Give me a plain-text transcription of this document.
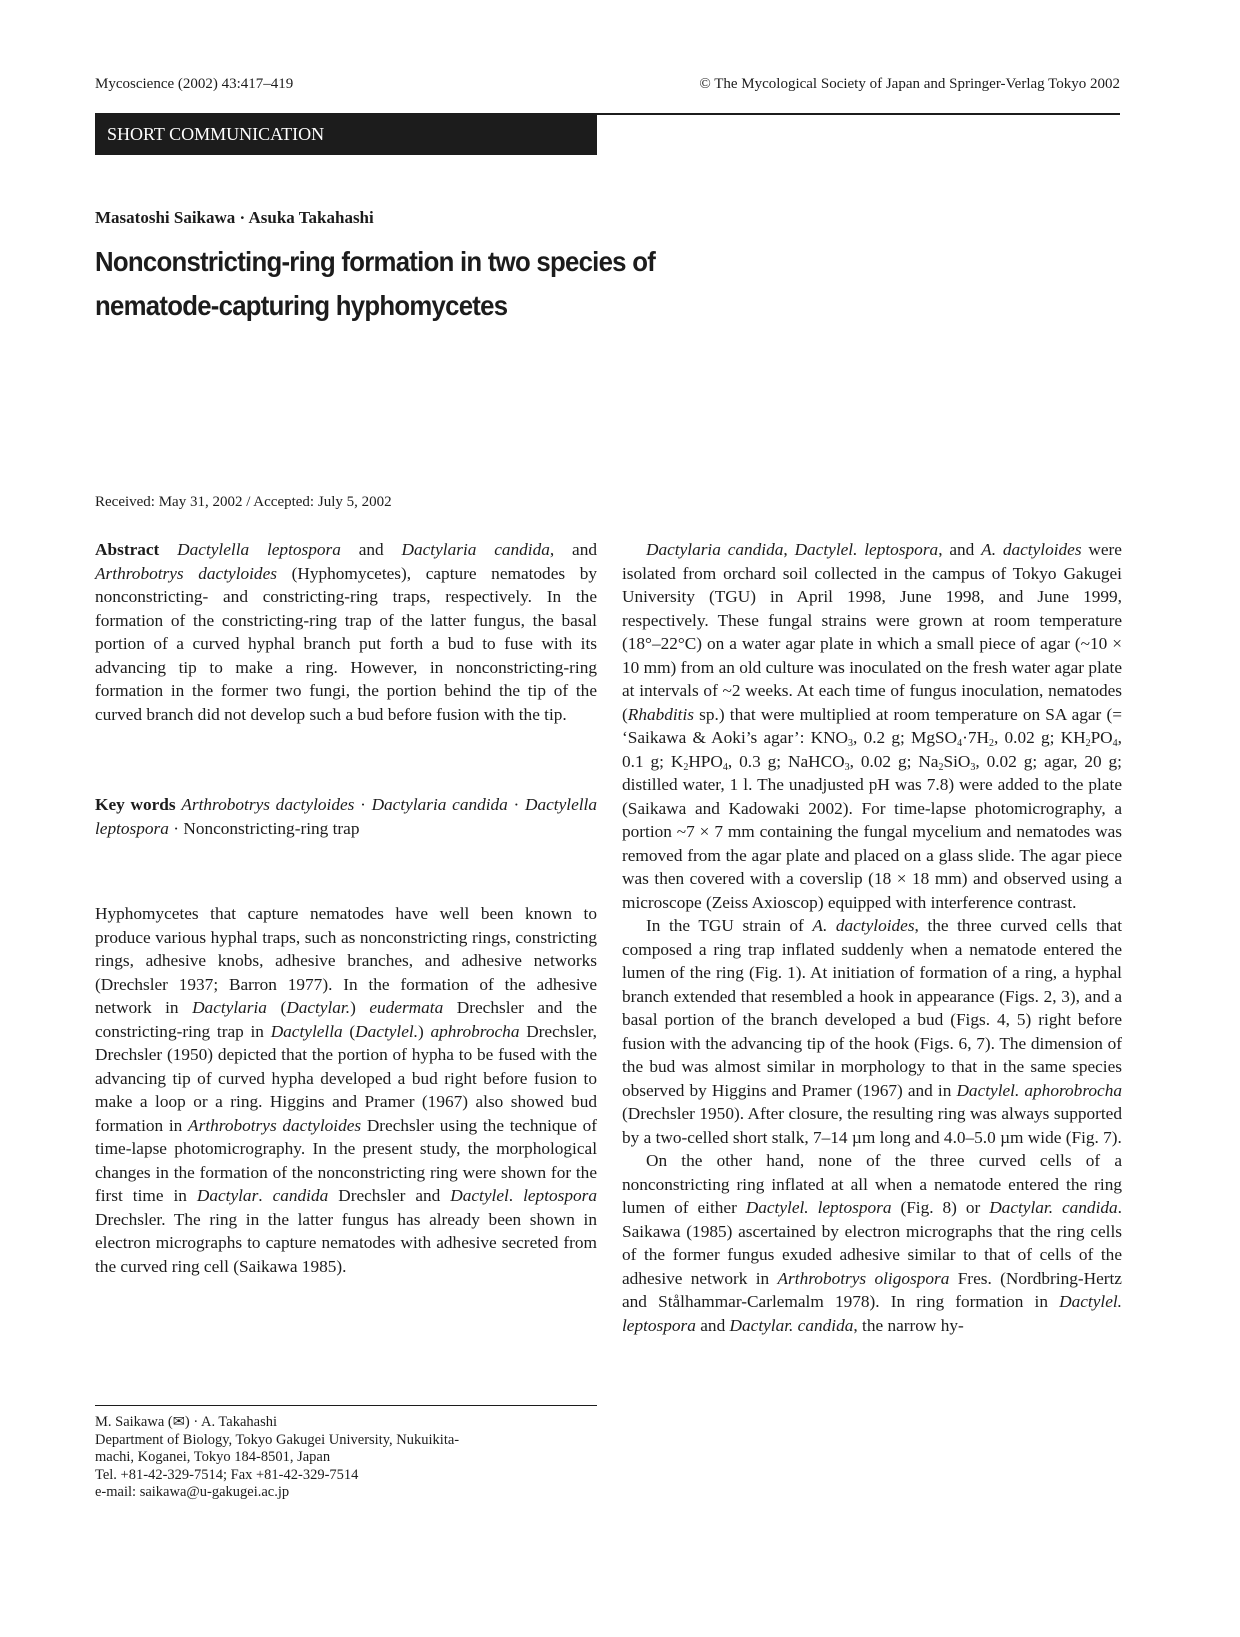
Mycoscience (2002) 43:417–419	© The Mycological Society of Japan and Springer-Verlag Tokyo 2002
SHORT COMMUNICATION
Masatoshi Saikawa · Asuka Takahashi
Nonconstricting-ring formation in two species of
nematode-capturing hyphomycetes
Received: May 31, 2002 / Accepted: July 5, 2002

Abstract Dactylella leptospora and Dactylaria candida, and Arthrobotrys dactyloides (Hyphomycetes), capture nematodes by nonconstricting- and constricting-ring traps, respectively. In the formation of the constricting-ring trap of the latter fungus, the basal portion of a curved hyphal branch put forth a bud to fuse with its advancing tip to make a ring. However, in nonconstricting-ring formation in the former two fungi, the portion behind the tip of the curved branch did not develop such a bud before fusion with the tip.

Key words Arthrobotrys dactyloides · Dactylaria candida · Dactylella leptospora · Nonconstricting-ring trap

Hyphomycetes that capture nematodes have well been known to produce various hyphal traps, such as nonconstricting rings, constricting rings, adhesive knobs, adhesive branches, and adhesive networks (Drechsler 1937; Barron 1977). In the formation of the adhesive network in Dactylaria (Dactylar.) eudermata Drechsler and the constricting-ring trap in Dactylella (Dactylel.) aphrobrocha Drechsler, Drechsler (1950) depicted that the portion of hypha to be fused with the advancing tip of curved hypha developed a bud right before fusion to make a loop or a ring. Higgins and Pramer (1967) also showed bud formation in Arthrobotrys dactyloides Drechsler using the technique of time-lapse photomicrography. In the present study, the morphological changes in the formation of the nonconstricting ring were shown for the first time in Dactylar. candida Drechsler and Dactylel. leptospora Drechsler. The ring in the latter fungus has already been shown in electron micrographs to capture nematodes with adhesive secreted from the curved ring cell (Saikawa 1985).

M. Saikawa (✉) · A. Takahashi
Department of Biology, Tokyo Gakugei University, Nukuikita-
machi, Koganei, Tokyo 184-8501, Japan
Tel. +81-42-329-7514; Fax +81-42-329-7514
e-mail: saikawa@u-gakugei.ac.jp

Dactylaria candida, Dactylel. leptospora, and A. dactyloides were isolated from orchard soil collected in the campus of Tokyo Gakugei University (TGU) in April 1998, June 1998, and June 1999, respectively. These fungal strains were grown at room temperature (18°–22°C) on a water agar plate in which a small piece of agar (~10 × 10 mm) from an old culture was inoculated on the fresh water agar plate at intervals of ~2 weeks. At each time of fungus inoculation, nematodes (Rhabditis sp.) that were multiplied at room temperature on SA agar (= ‘Saikawa & Aoki’s agar’: $KNO_3$, 0.2 g; $MgSO_4\cdot 7H_2$, 0.02 g; $KH_2PO_4$, 0.1 g; $K_2HPO_4$, 0.3 g; NaHCO$_3$, 0.02 g; $Na_2SiO_3$, 0.02 g; agar, 20 g; distilled water, 1 l. The unadjusted pH was 7.8) were added to the plate (Saikawa and Kadowaki 2002). For time-lapse photomicrography, a portion ~7 × 7 mm containing the fungal mycelium and nematodes was removed from the agar plate and placed on a glass slide. The agar piece was then covered with a coverslip (18 × 18 mm) and observed using a microscope (Zeiss Axioscop) equipped with interference contrast.

In the TGU strain of A. dactyloides, the three curved cells that composed a ring trap inflated suddenly when a nematode entered the lumen of the ring (Fig. 1). At initiation of formation of a ring, a hyphal branch extended that resembled a hook in appearance (Figs. 2, 3), and a basal portion of the branch developed a bud (Figs. 4, 5) right before fusion with the advancing tip of the hook (Figs. 6, 7). The dimension of the bud was almost similar in morphology to that in the same species observed by Higgins and Pramer (1967) and in Dactylel. aphorobrocha (Drechsler 1950). After closure, the resulting ring was always supported by a two-celled short stalk, 7–14 µm long and 4.0–5.0 µm wide (Fig. 7).

On the other hand, none of the three curved cells of a nonconstricting ring inflated at all when a nematode entered the ring lumen of either Dactylel. leptospora (Fig. 8) or Dactylar. candida. Saikawa (1985) ascertained by electron micrographs that the ring cells of the former fungus exuded adhesive similar to that of cells of the adhesive network in Arthrobotrys oligospora Fres. (Nordbring-Hertz and Stålhammar-Carlemalm 1978). In ring formation in Dactylel. leptospora and Dactylar. candida, the narrow hy-
